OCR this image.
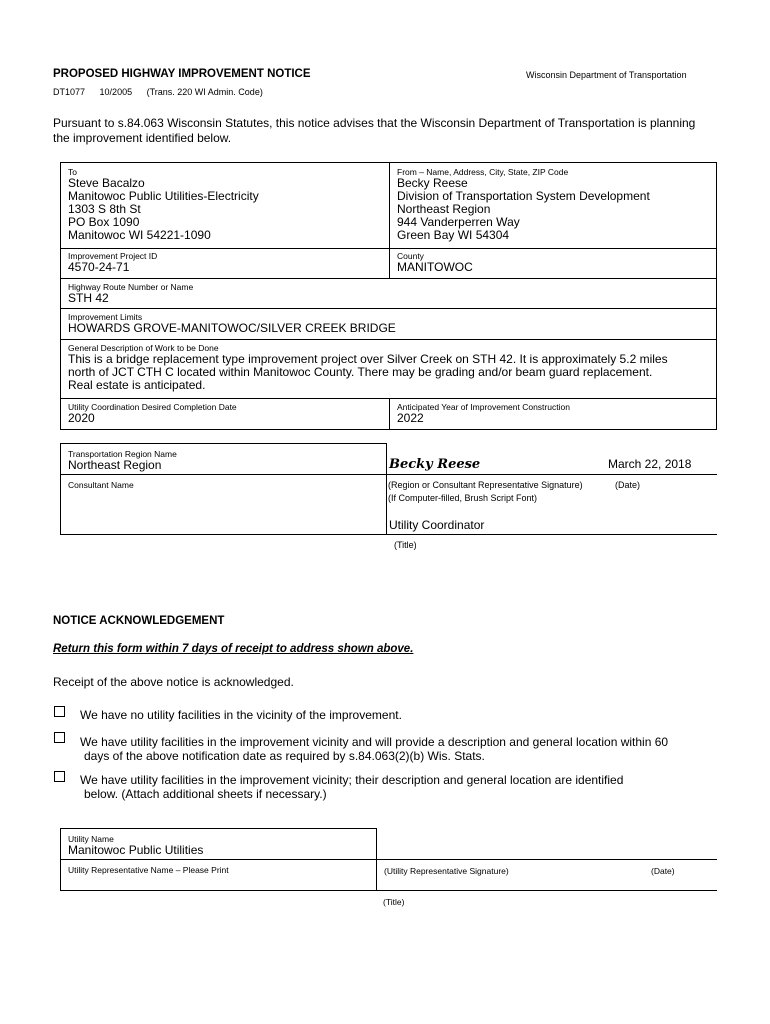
PROPOSED HIGHWAY IMPROVEMENT NOTICE	Wisconsin Department of Transportation
DT1077 10/2005 (Trans. 220 WI Admin. Code)
Pursuant to s.84.063 Wisconsin Statutes, this notice advises that the Wisconsin Department of Transportation is planning the improvement identified below.
To
Steve Bacalzo
Manitowoc Public Utilities-Electricity
1303 S 8th St
PO Box 1090
Manitowoc WI 54221-1090
From – Name, Address, City, State, ZIP Code
Becky Reese
Division of Transportation System Development
Northeast Region
944 Vanderperren Way
Green Bay WI 54304
Improvement Project ID
4570-24-71
County
MANITOWOC
Highway Route Number or Name
STH 42
Improvement Limits
HOWARDS GROVE-MANITOWOC/SILVER CREEK BRIDGE
General Description of Work to be Done
This is a bridge replacement type improvement project over Silver Creek on STH 42. It is approximately 5.2 miles
north of JCT CTH C located within Manitowoc County. There may be grading and/or beam guard replacement.
Real estate is anticipated.
Utility Coordination Desired Completion Date
2020
Anticipated Year of Improvement Construction
2022
Transportation Region Name
Northeast Region
Consultant Name
Becky Reese	March 22, 2018
(Region or Consultant Representative Signature)	(Date)
(If Computer-filled, Brush Script Font)
Utility Coordinator
(Title)
NOTICE ACKNOWLEDGEMENT
Return this form within 7 days of receipt to address shown above.
Receipt of the above notice is acknowledged.
We have no utility facilities in the vicinity of the improvement.
We have utility facilities in the improvement vicinity and will provide a description and general location within 60
days of the above notification date as required by s.84.063(2)(b) Wis. Stats.
We have utility facilities in the improvement vicinity; their description and general location are identified
below. (Attach additional sheets if necessary.)
Utility Name
Manitowoc Public Utilities
Utility Representative Name – Please Print	(Utility Representative Signature)	(Date)
(Title)
